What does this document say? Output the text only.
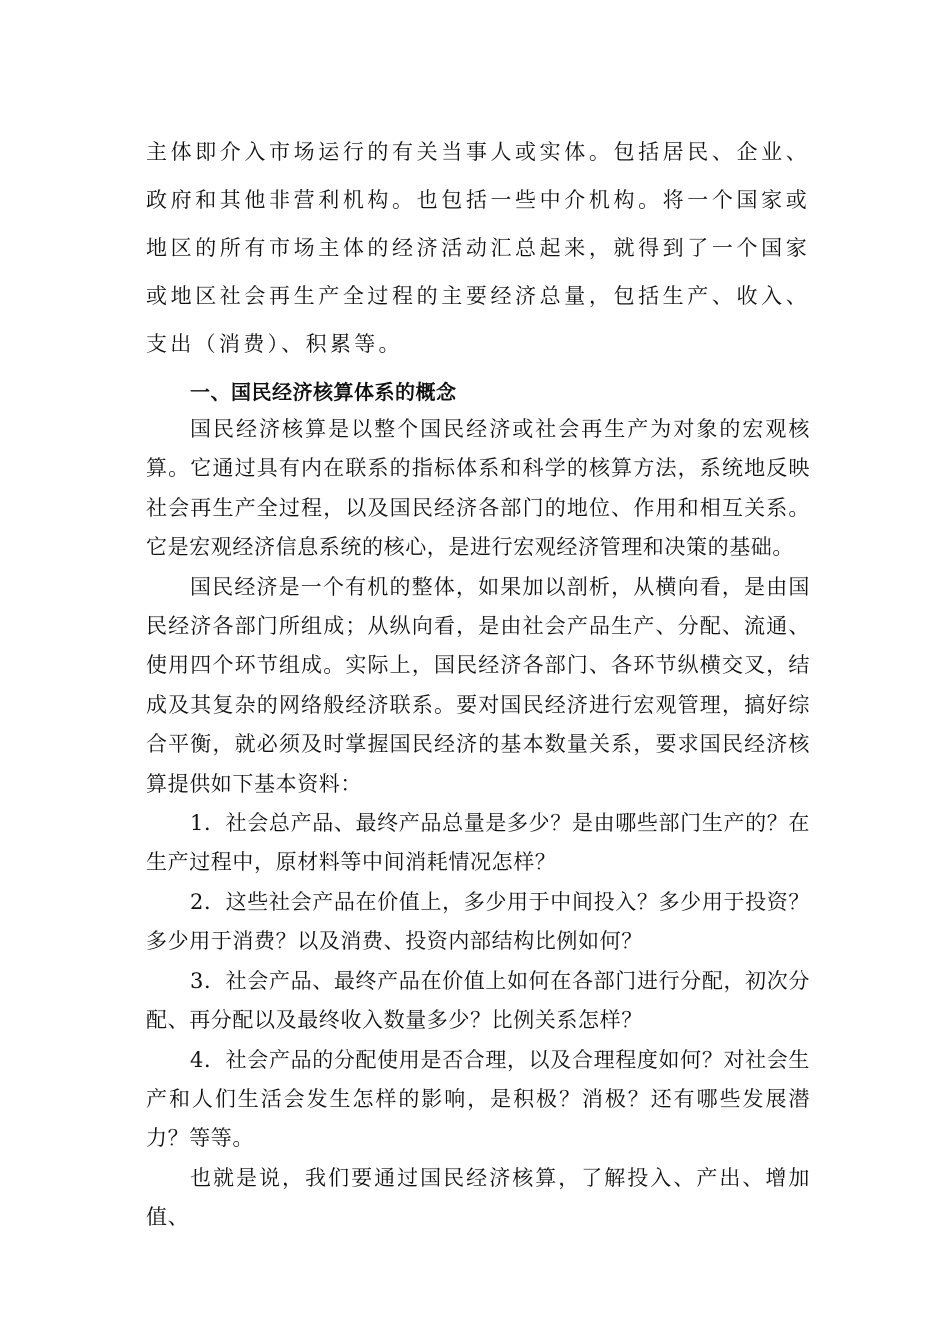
主体即介入市场运行的有关当事人或实体。包括居民、企业、政府和其他非营利机构。也包括一些中介机构。将一个国家或地区的所有市场主体的经济活动汇总起来，就得到了一个国家或地区社会再生产全过程的主要经济总量，包括生产、收入、支出（消费）、积累等。

一、国民经济核算体系的概念

国民经济核算是以整个国民经济或社会再生产为对象的宏观核算。它通过具有内在联系的指标体系和科学的核算方法，系统地反映社会再生产全过程，以及国民经济各部门的地位、作用和相互关系。它是宏观经济信息系统的核心，是进行宏观经济管理和决策的基础。

国民经济是一个有机的整体，如果加以剖析，从横向看，是由国民经济各部门所组成；从纵向看，是由社会产品生产、分配、流通、使用四个环节组成。实际上，国民经济各部门、各环节纵横交叉，结成及其复杂的网络般经济联系。要对国民经济进行宏观管理，搞好综合平衡，就必须及时掌握国民经济的基本数量关系，要求国民经济核算提供如下基本资料：

1．社会总产品、最终产品总量是多少？是由哪些部门生产的？在生产过程中，原材料等中间消耗情况怎样？

2．这些社会产品在价值上，多少用于中间投入？多少用于投资？多少用于消费？以及消费、投资内部结构比例如何？

3．社会产品、最终产品在价值上如何在各部门进行分配，初次分配、再分配以及最终收入数量多少？比例关系怎样？

4．社会产品的分配使用是否合理，以及合理程度如何？对社会生产和人们生活会发生怎样的影响，是积极？消极？还有哪些发展潜力？等等。

也就是说，我们要通过国民经济核算，了解投入、产出、增加值、
